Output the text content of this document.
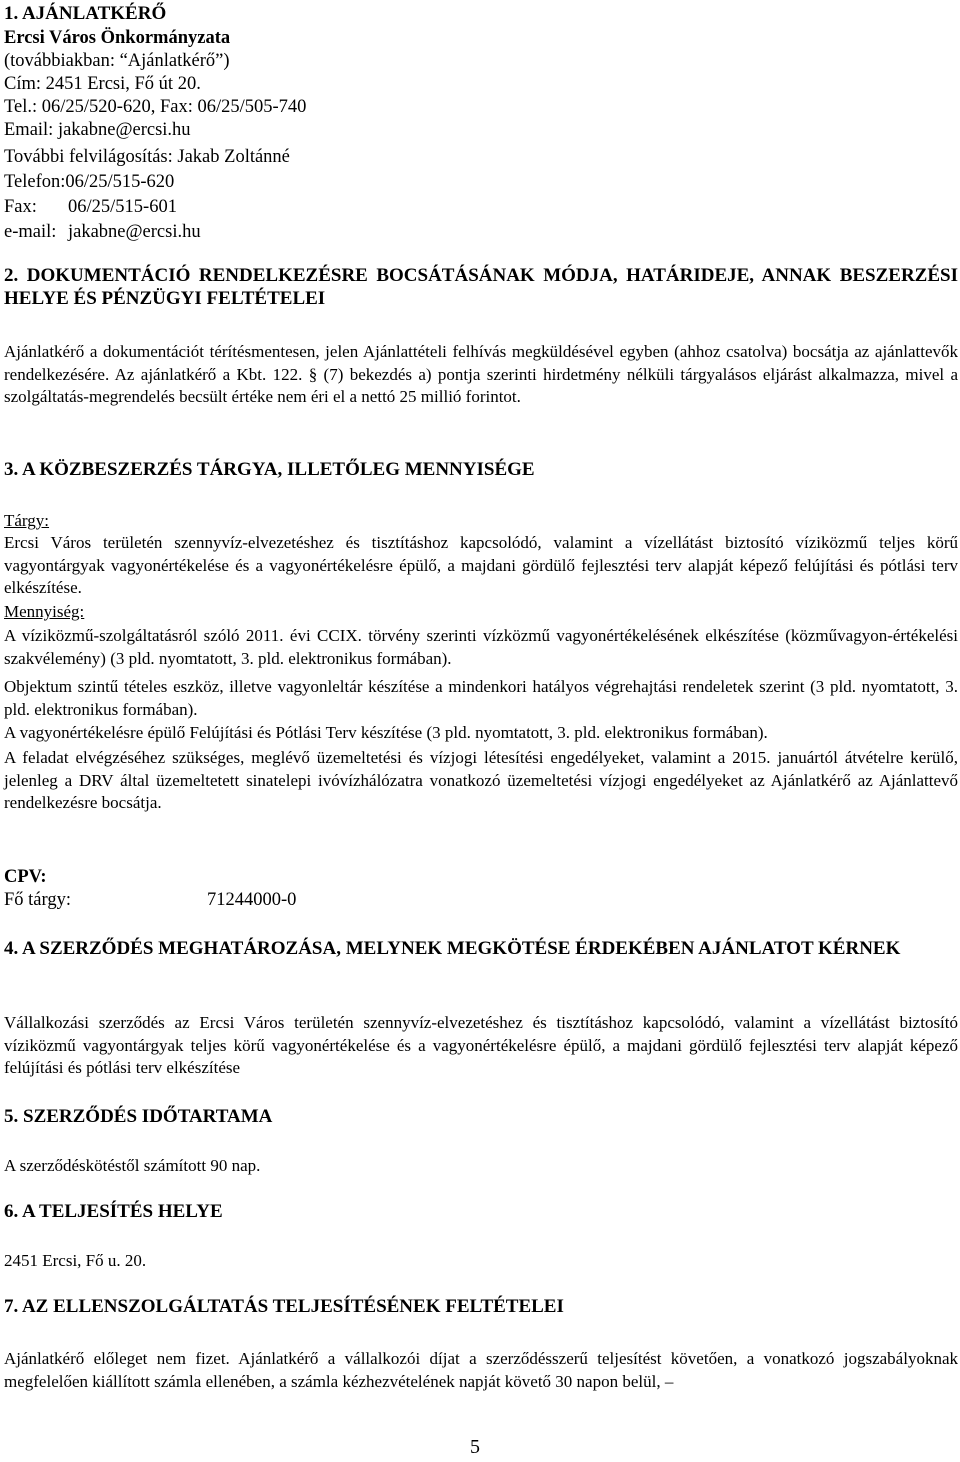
1. AJÁNLATKÉRŐ
Ercsi Város Önkormányzata
(továbbiakban: “Ajánlatkérő”)
Cím: 2451 Ercsi, Fő út 20.
Tel.: 06/25/520-620, Fax: 06/25/505-740
Email: jakabne@ercsi.hu
További felvilágosítás: Jakab Zoltánné
Telefon:06/25/515-620
Fax: 06/25/515-601
e-mail: jakabne@ercsi.hu
2. DOKUMENTÁCIÓ RENDELKEZÉSRE BOCSÁTÁSÁNAK MÓDJA, HATÁRIDEJE, ANNAK BESZERZÉSI HELYE ÉS PÉNZÜGYI FELTÉTELEI
Ajánlatkérő a dokumentációt térítésmentesen, jelen Ajánlattételi felhívás megküldésével egyben (ahhoz csatolva) bocsátja az ajánlattevők rendelkezésére. Az ajánlatkérő a Kbt. 122. § (7) bekezdés a) pontja szerinti hirdetmény nélküli tárgyalásos eljárást alkalmazza, mivel a szolgáltatás-megrendelés becsült értéke nem éri el a nettó 25 millió forintot.
3. A KÖZBESZERZÉS TÁRGYA, ILLETŐLEG MENNYISÉGE
Tárgy:
Ercsi Város területén szennyvíz-elvezetéshez és tisztításhoz kapcsolódó, valamint a vízellátást biztosító víziközmű teljes körű vagyontárgyak vagyonértékelése és a vagyonértékelésre épülő, a majdani gördülő fejlesztési terv alapját képező felújítási és pótlási terv elkészítése.
Mennyiség:
A víziközmű-szolgáltatásról szóló 2011. évi CCIX. törvény szerinti vízközmű vagyonértékelésének elkészítése (közművagyon-értékelési szakvélemény) (3 pld. nyomtatott, 3. pld. elektronikus formában).
Objektum szintű tételes eszköz, illetve vagyonleltár készítése a mindenkori hatályos végrehajtási rendeletek szerint (3 pld. nyomtatott, 3. pld. elektronikus formában).
A vagyonértékelésre épülő Felújítási és Pótlási Terv készítése (3 pld. nyomtatott, 3. pld. elektronikus formában).
A feladat elvégzéséhez szükséges, meglévő üzemeltetési és vízjogi létesítési engedélyeket, valamint a 2015. januártól átvételre kerülő, jelenleg a DRV által üzemeltetett sinatelepi ivóvízhálózatra vonatkozó üzemeltetési vízjogi engedélyeket az Ajánlatkérő az Ajánlattevő rendelkezésre bocsátja.
CPV:
Fő tárgy:	71244000-0
4. A SZERZŐDÉS MEGHATÁROZÁSA, MELYNEK MEGKÖTÉSE ÉRDEKÉBEN AJÁNLATOT KÉRNEK
Vállalkozási szerződés az Ercsi Város területén szennyvíz-elvezetéshez és tisztításhoz kapcsolódó, valamint a vízellátást biztosító víziközmű vagyontárgyak teljes körű vagyonértékelése és a vagyonértékelésre épülő, a majdani gördülő fejlesztési terv alapját képező felújítási és pótlási terv elkészítése
5. SZERZŐDÉS IDŐTARTAMA
A szerződéskötéstől számított 90 nap.
6. A TELJESÍTÉS HELYE
2451 Ercsi, Fő u. 20.
7. AZ ELLENSZOLGÁLTATÁS TELJESÍTÉSÉNEK FELTÉTELEI
Ajánlatkérő előleget nem fizet. Ajánlatkérő a vállalkozói díjat a szerződésszerű teljesítést követően, a vonatkozó jogszabályoknak megfelelően kiállított számla ellenében, a számla kézhezvételének napját követő 30 napon belül, –
5
